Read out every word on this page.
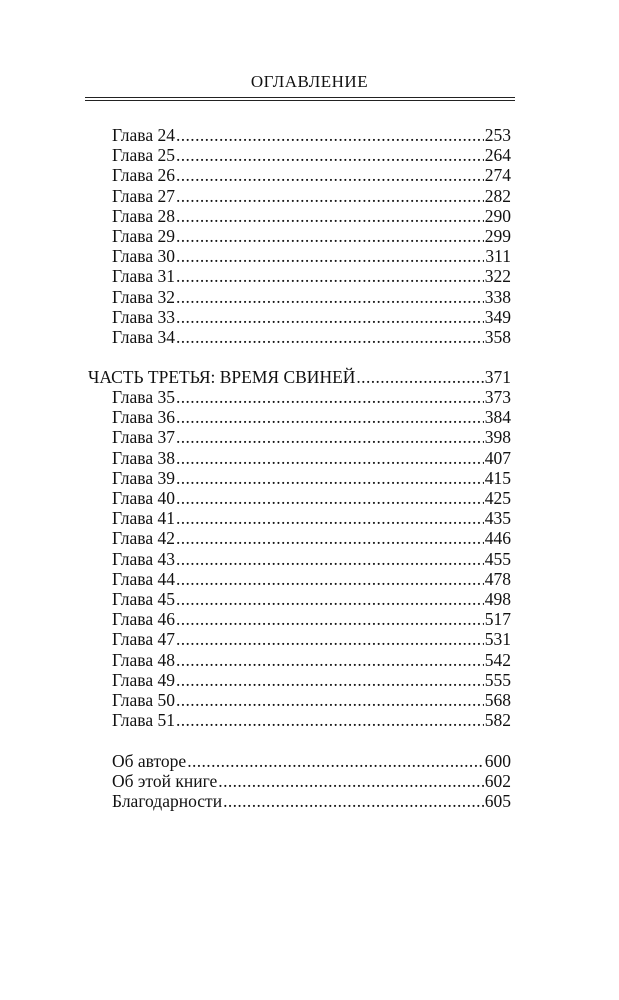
ОГЛАВЛЕНИЕ
Глава 24 .....	253
Глава 25 .....	264
Глава 26 .....	274
Глава 27 .....	282
Глава 28 .....	290
Глава 29 .....	299
Глава 30 .....	311
Глава 31 .....	322
Глава 32 .....	338
Глава 33 .....	349
Глава 34 .....	358
ЧАСТЬ ТРЕТЬЯ: ВРЕМЯ СВИНЕЙ .....	371
Глава 35 .....	373
Глава 36 .....	384
Глава 37 .....	398
Глава 38 .....	407
Глава 39 .....	415
Глава 40 .....	425
Глава 41 .....	435
Глава 42 .....	446
Глава 43 .....	455
Глава 44 .....	478
Глава 45 .....	498
Глава 46 .....	517
Глава 47 .....	531
Глава 48 .....	542
Глава 49 .....	555
Глава 50 .....	568
Глава 51 .....	582
Об авторе .....	600
Об этой книге .....	602
Благодарности .....	605
